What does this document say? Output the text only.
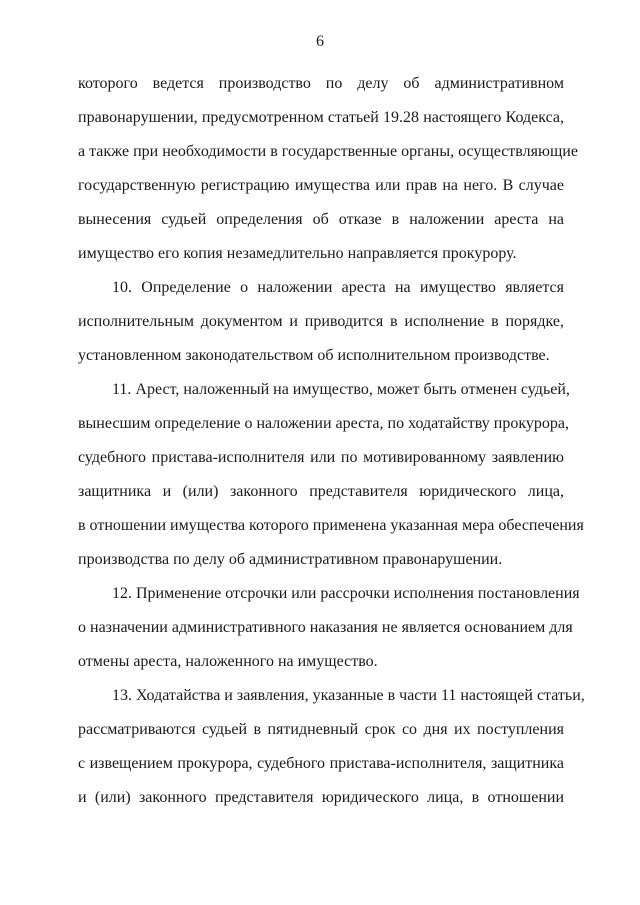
6
которого ведется производство по делу об административном
правонарушении, предусмотренном статьей 19.28 настоящего Кодекса,
а также при необходимости в государственные органы, осуществляющие
государственную регистрацию имущества или прав на него. В случае
вынесения судьей определения об отказе в наложении ареста на
имущество его копия незамедлительно направляется прокурору.
10. Определение о наложении ареста на имущество является
исполнительным документом и приводится в исполнение в порядке,
установленном законодательством об исполнительном производстве.
11. Арест, наложенный на имущество, может быть отменен судьей,
вынесшим определение о наложении ареста, по ходатайству прокурора,
судебного пристава-исполнителя или по мотивированному заявлению
защитника и (или) законного представителя юридического лица,
в отношении имущества которого применена указанная мера обеспечения
производства по делу об административном правонарушении.
12. Применение отсрочки или рассрочки исполнения постановления
о назначении административного наказания не является основанием для
отмены ареста, наложенного на имущество.
13. Ходатайства и заявления, указанные в части 11 настоящей статьи,
рассматриваются судьей в пятидневный срок со дня их поступления
с извещением прокурора, судебного пристава-исполнителя, защитника
и (или) законного представителя юридического лица, в отношении
